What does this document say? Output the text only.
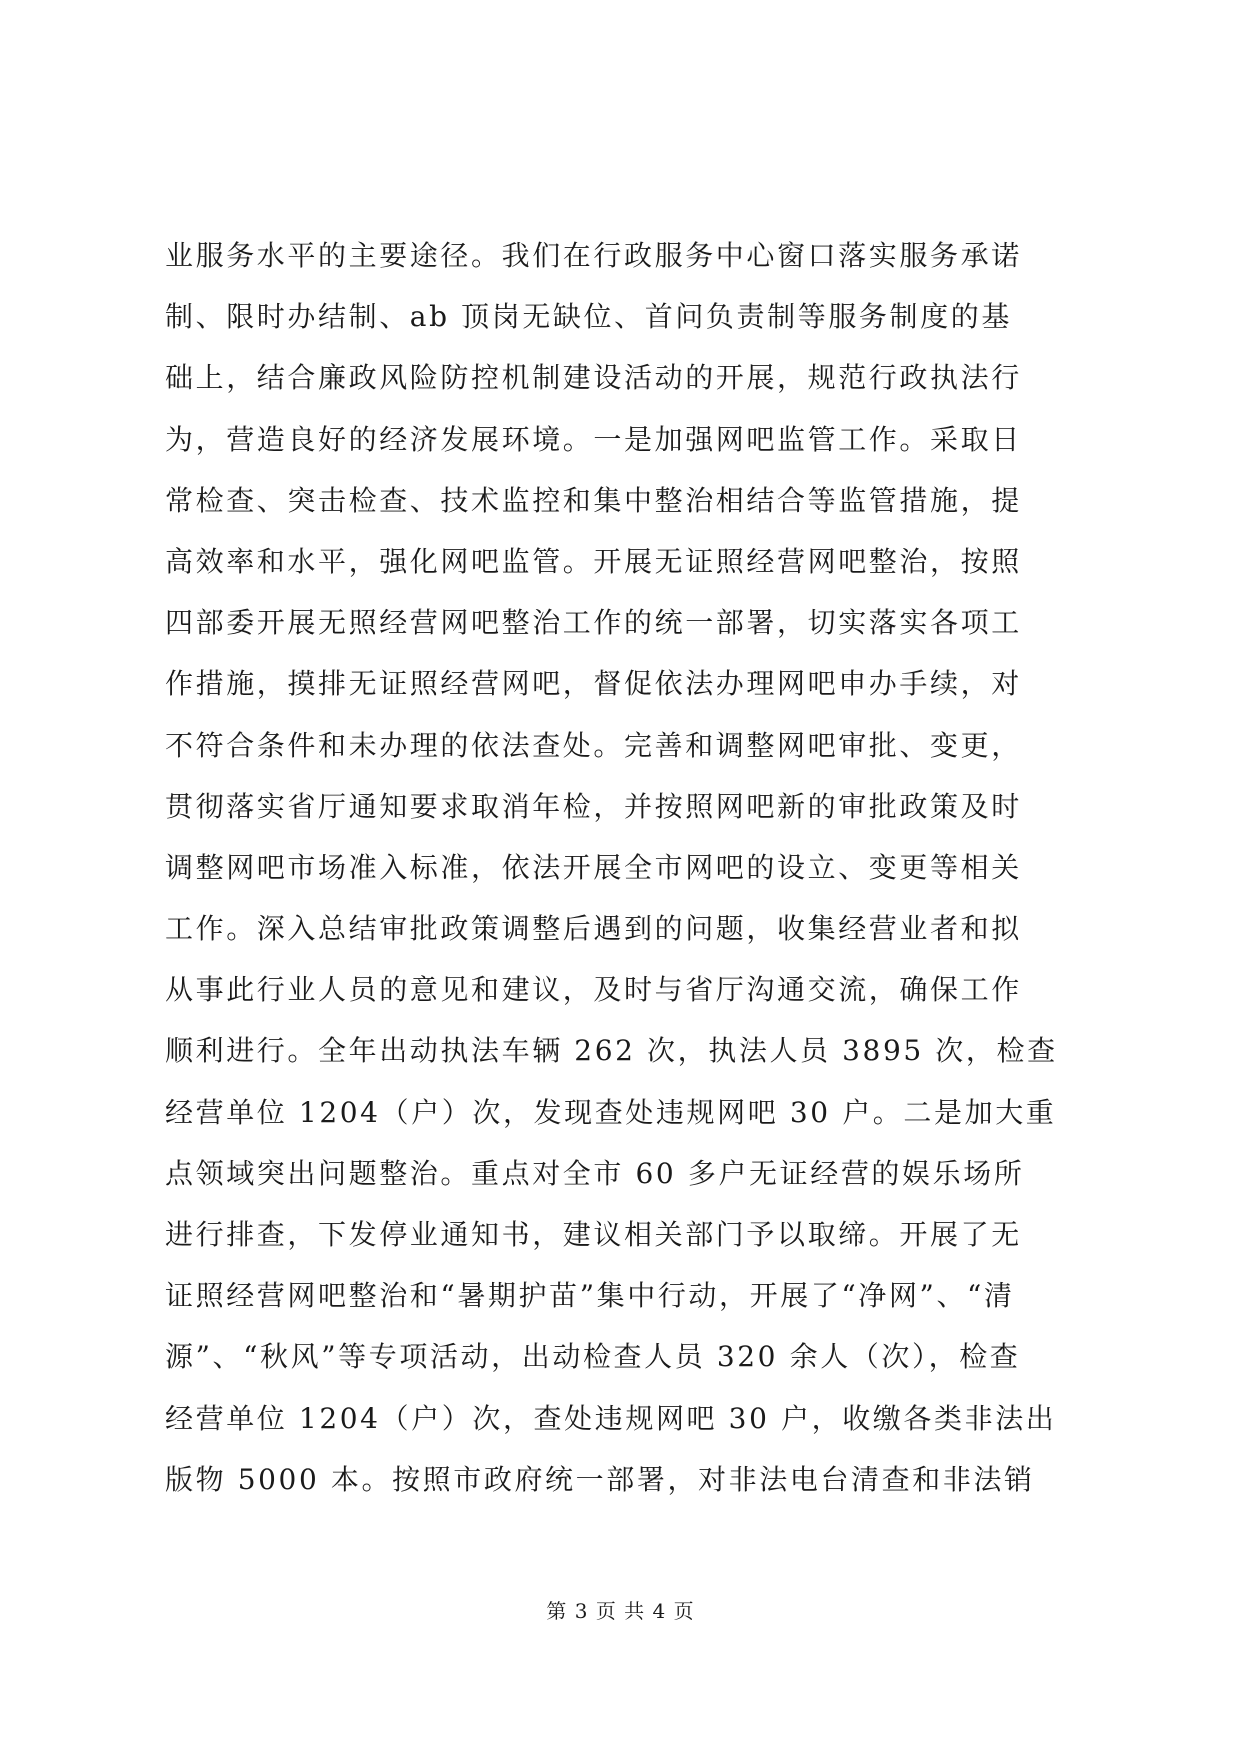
业服务水平的主要途径。我们在行政服务中心窗口落实服务承诺
制、限时办结制、ab 顶岗无缺位、首问负责制等服务制度的基
础上，结合廉政风险防控机制建设活动的开展，规范行政执法行
为，营造良好的经济发展环境。一是加强网吧监管工作。采取日
常检查、突击检查、技术监控和集中整治相结合等监管措施，提
高效率和水平，强化网吧监管。开展无证照经营网吧整治，按照
四部委开展无照经营网吧整治工作的统一部署，切实落实各项工
作措施，摸排无证照经营网吧，督促依法办理网吧申办手续，对
不符合条件和未办理的依法查处。完善和调整网吧审批、变更，
贯彻落实省厅通知要求取消年检，并按照网吧新的审批政策及时
调整网吧市场准入标准，依法开展全市网吧的设立、变更等相关
工作。深入总结审批政策调整后遇到的问题，收集经营业者和拟
从事此行业人员的意见和建议，及时与省厅沟通交流，确保工作
顺利进行。全年出动执法车辆 262 次，执法人员 3895 次，检查
经营单位 1204（户）次，发现查处违规网吧 30 户。二是加大重
点领域突出问题整治。重点对全市 60 多户无证经营的娱乐场所
进行排查，下发停业通知书，建议相关部门予以取缔。开展了无
证照经营网吧整治和“暑期护苗”集中行动，开展了“净网”、“清
源”、“秋风”等专项活动，出动检查人员 320 余人（次），检查
经营单位 1204（户）次，查处违规网吧 30 户，收缴各类非法出
版物 5000 本。按照市政府统一部署，对非法电台清查和非法销
第 3 页 共 4 页
